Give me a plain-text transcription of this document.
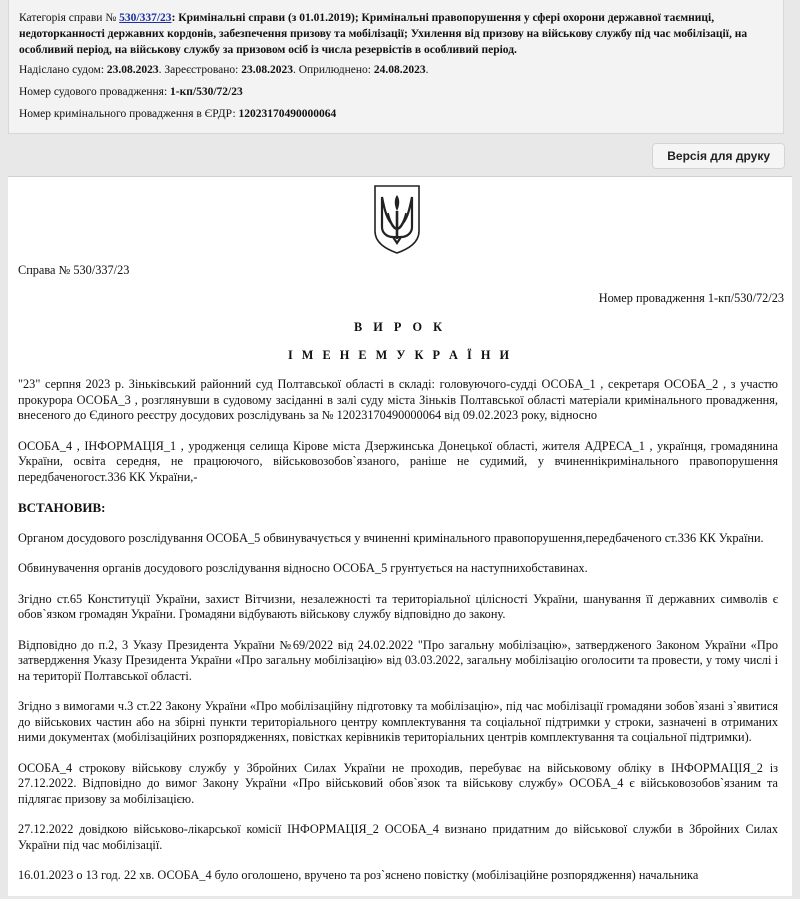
Категорія справи № 530/337/23: Кримінальні справи (з 01.01.2019); Кримінальні правопорушення у сфері охорони державної таємниці, недоторканності державних кордонів, забезпечення призову та мобілізації; Ухилення від призову на військову службу під час мобілізації, на особливий період, на військову службу за призовом осіб із числа резервістів в особливий період.
Надіслано судом: 23.08.2023. Зареєстровано: 23.08.2023. Оприлюднено: 24.08.2023.
Номер судового провадження: 1-кп/530/72/23
Номер кримінального провадження в ЄРДР: 12023170490000064
Версія для друку
Справа № 530/337/23
Номер провадження 1-кп/530/72/23
В И Р О К
І М Е Н Е М У К Р А Ї Н И

"23" серпня 2023 р. Зіньківський районний суд Полтавської області в складі: головуючого-судді ОСОБА_1 , секретаря ОСОБА_2 , з участю прокурора ОСОБА_3 , розглянувши в судовому засіданні в залі суду міста Зіньків Полтавської області матеріали кримінального провадження, внесеного до Єдиного реєстру досудових розслідувань за № 12023170490000064 від 09.02.2023 року, відносно

ОСОБА_4 , ІНФОРМАЦІЯ_1 , уродженця селища Кірове міста Дзержинська Донецької області, жителя АДРЕСА_1 , українця, громадянина України, освіта середня, не працюючого, військовозобов`язаного, раніше не судимий, у вчиненнікримінального правопорушення передбаченогост.336 КК України,-

ВСТАНОВИВ:

Органом досудового розслідування ОСОБА_5 обвинувачується у вчиненні кримінального правопорушення,передбаченого ст.336 КК України.

Обвинувачення органів досудового розслідування відносно ОСОБА_5 грунтується на наступнихобставинах.

Згідно ст.65 Конституції України, захист Вітчизни, незалежності та територіальної цілісності України, шанування її державних символів є обов`язком громадян України. Громадяни відбувають військову службу відповідно до закону.

Відповідно до п.2, 3 Указу Президента України №69/2022 від 24.02.2022 "Про загальну мобілізацію», затвердженого Законом України «Про затвердження Указу Президента України «Про загальну мобілізацію» від 03.03.2022, загальну мобілізацію оголосити та провести, у тому числі і на території Полтавської області.

Згідно з вимогами ч.3 ст.22 Закону України «Про мобілізаційну підготовку та мобілізацію», під час мобілізації громадяни зобов`язані з`явитися до військових частин або на збірні пункти територіального центру комплектування та соціальної підтримки у строки, зазначені в отриманих ними документах (мобілізаційних розпорядженнях, повістках керівників територіальних центрів комплектування та соціальної підтримки).

ОСОБА_4 строкову військову службу у Збройних Силах України не проходив, перебуває на військовому обліку в ІНФОРМАЦІЯ_2 із 27.12.2022. Відповідно до вимог Закону України «Про військовий обов`язок та військову службу» ОСОБА_4 є військовозобов`язаним та підлягає призову за мобілізацією.

27.12.2022 довідкою військово-лікарської комісії ІНФОРМАЦІЯ_2 ОСОБА_4 визнано придатним до військової служби в Збройних Силах України під час мобілізації.

16.01.2023 о 13 год. 22 хв. ОСОБА_4 було оголошено, вручено та роз`яснено повістку (мобілізаційне розпорядження) начальника
